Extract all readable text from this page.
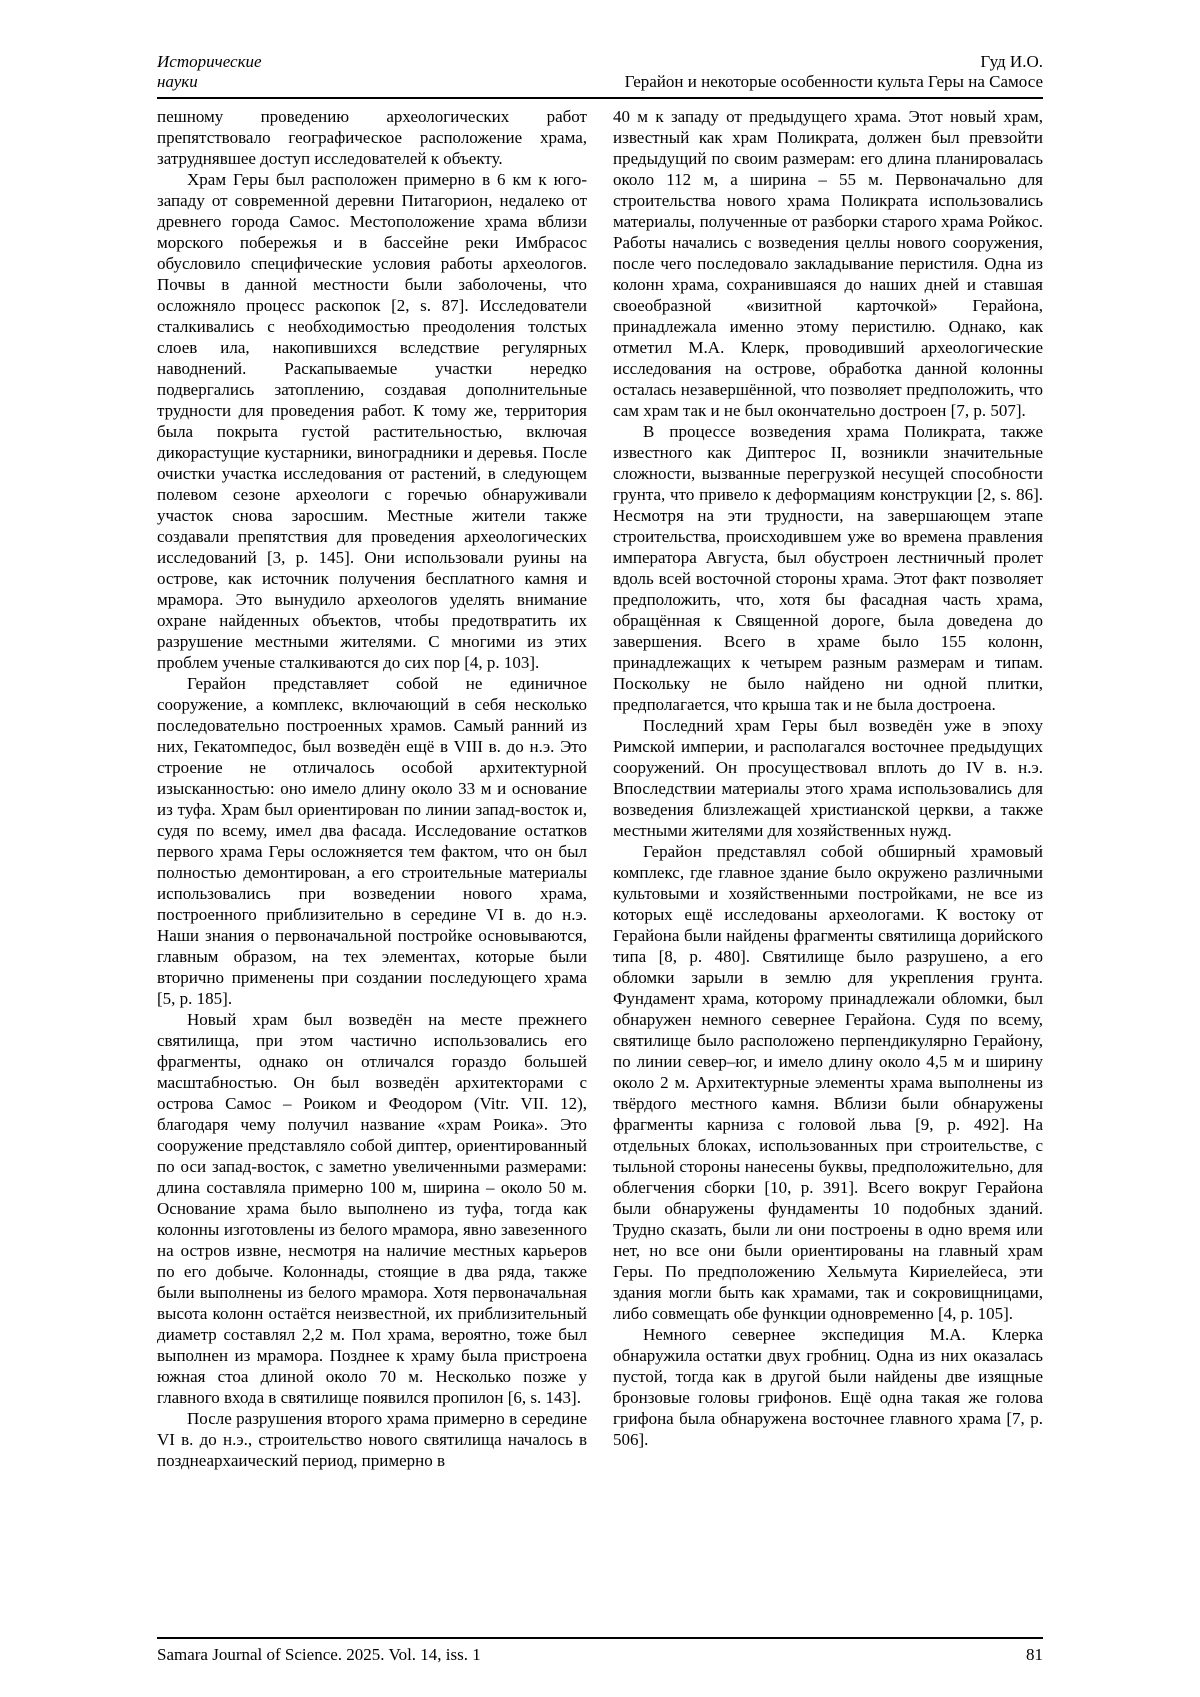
Исторические	Гуд И.О.
науки	Герайон и некоторые особенности культа Геры на Самосе

пешному проведению археологических работ препятствовало географическое расположение храма, затруднявшее доступ исследователей к объекту.

Храм Геры был расположен примерно в 6 км к юго-западу от современной деревни Питагорион, недалеко от древнего города Самос. Местоположение храма вблизи морского побережья и в бассейне реки Имбрасос обусловило специфические условия работы археологов. Почвы в данной местности были заболочены, что осложняло процесс раскопок [2, s. 87]. Исследователи сталкивались с необходимостью преодоления толстых слоев ила, накопившихся вследствие регулярных наводнений. Раскапываемые участки нередко подвергались затоплению, создавая дополнительные трудности для проведения работ. К тому же, территория была покрыта густой растительностью, включая дикорастущие кустарники, виноградники и деревья. После очистки участка исследования от растений, в следующем полевом сезоне археологи с горечью обнаруживали участок снова заросшим. Местные жители также создавали препятствия для проведения археологических исследований [3, p. 145]. Они использовали руины на острове, как источник получения бесплатного камня и мрамора. Это вынудило археологов уделять внимание охране найденных объектов, чтобы предотвратить их разрушение местными жителями. С многими из этих проблем ученые сталкиваются до сих пор [4, p. 103].

Герайон представляет собой не единичное сооружение, а комплекс, включающий в себя несколько последовательно построенных храмов. Самый ранний из них, Гекатомпедос, был возведён ещё в VIII в. до н.э. Это строение не отличалось особой архитектурной изысканностью: оно имело длину около 33 м и основание из туфа. Храм был ориентирован по линии запад-восток и, судя по всему, имел два фасада. Исследование остатков первого храма Геры осложняется тем фактом, что он был полностью демонтирован, а его строительные материалы использовались при возведении нового храма, построенного приблизительно в середине VI в. до н.э. Наши знания о первоначальной постройке основываются, главным образом, на тех элементах, которые были вторично применены при создании последующего храма [5, p. 185].

Новый храм был возведён на месте прежнего святилища, при этом частично использовались его фрагменты, однако он отличался гораздо большей масштабностью. Он был возведён архитекторами с острова Самос – Роиком и Феодором (Vitr. VII. 12), благодаря чему получил название «храм Роика». Это сооружение представляло собой диптер, ориентированный по оси запад-восток, с заметно увеличенными размерами: длина составляла примерно 100 м, ширина – около 50 м. Основание храма было выполнено из туфа, тогда как колонны изготовлены из белого мрамора, явно завезенного на остров извне, несмотря на наличие местных карьеров по его добыче. Колоннады, стоящие в два ряда, также были выполнены из белого мрамора. Хотя первоначальная высота колонн остаётся неизвестной, их приблизительный диаметр составлял 2,2 м. Пол храма, вероятно, тоже был выполнен из мрамора. Позднее к храму была пристроена южная стоа длиной около 70 м. Несколько позже у главного входа в святилище появился пропилон [6, s. 143].

После разрушения второго храма примерно в середине VI в. до н.э., строительство нового святилища началось в позднеархаический период, примерно в

40 м к западу от предыдущего храма. Этот новый храм, известный как храм Поликрата, должен был превзойти предыдущий по своим размерам: его длина планировалась около 112 м, а ширина – 55 м. Первоначально для строительства нового храма Поликрата использовались материалы, полученные от разборки старого храма Ройкос. Работы начались с возведения целлы нового сооружения, после чего последовало закладывание перистиля. Одна из колонн храма, сохранившаяся до наших дней и ставшая своеобразной «визитной карточкой» Герайона, принадлежала именно этому перистилю. Однако, как отметил М.А. Клерк, проводивший археологические исследования на острове, обработка данной колонны осталась незавершённой, что позволяет предположить, что сам храм так и не был окончательно достроен [7, p. 507].

В процессе возведения храма Поликрата, также известного как Диптерос II, возникли значительные сложности, вызванные перегрузкой несущей способности грунта, что привело к деформациям конструкции [2, s. 86]. Несмотря на эти трудности, на завершающем этапе строительства, происходившем уже во времена правления императора Августа, был обустроен лестничный пролет вдоль всей восточной стороны храма. Этот факт позволяет предположить, что, хотя бы фасадная часть храма, обращённая к Священной дороге, была доведена до завершения. Всего в храме было 155 колонн, принадлежащих к четырем разным размерам и типам. Поскольку не было найдено ни одной плитки, предполагается, что крыша так и не была достроена.

Последний храм Геры был возведён уже в эпоху Римской империи, и располагался восточнее предыдущих сооружений. Он просуществовал вплоть до IV в. н.э. Впоследствии материалы этого храма использовались для возведения близлежащей христианской церкви, а также местными жителями для хозяйственных нужд.

Герайон представлял собой обширный храмовый комплекс, где главное здание было окружено различными культовыми и хозяйственными постройками, не все из которых ещё исследованы археологами. К востоку от Герайона были найдены фрагменты святилища дорийского типа [8, p. 480]. Святилище было разрушено, а его обломки зарыли в землю для укрепления грунта. Фундамент храма, которому принадлежали обломки, был обнаружен немного севернее Герайона. Судя по всему, святилище было расположено перпендикулярно Герайону, по линии север–юг, и имело длину около 4,5 м и ширину около 2 м. Архитектурные элементы храма выполнены из твёрдого местного камня. Вблизи были обнаружены фрагменты карниза с головой льва [9, p. 492]. На отдельных блоках, использованных при строительстве, с тыльной стороны нанесены буквы, предположительно, для облегчения сборки [10, p. 391]. Всего вокруг Герайона были обнаружены фундаменты 10 подобных зданий. Трудно сказать, были ли они построены в одно время или нет, но все они были ориентированы на главный храм Геры. По предположению Хельмута Кириелейеса, эти здания могли быть как храмами, так и сокровищницами, либо совмещать обе функции одновременно [4, p. 105].

Немного севернее экспедиция М.А. Клерка обнаружила остатки двух гробниц. Одна из них оказалась пустой, тогда как в другой были найдены две изящные бронзовые головы грифонов. Ещё одна такая же голова грифона была обнаружена восточнее главного храма [7, p. 506].

Samara Journal of Science. 2025. Vol. 14, iss. 1	81
